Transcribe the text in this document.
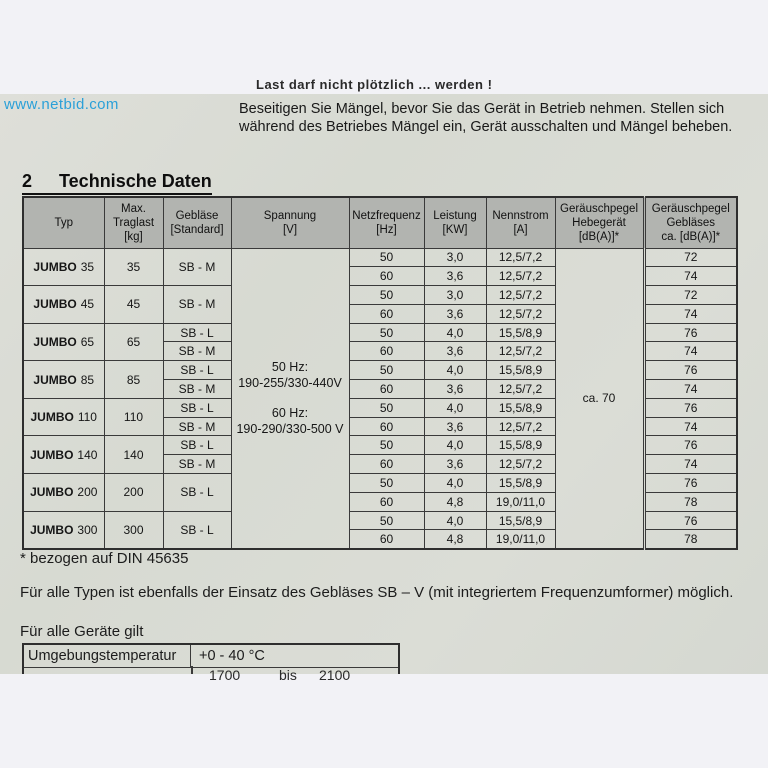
www.netbid.com
Last darf nicht plötzlich ... werden !
Beseitigen Sie Mängel, bevor Sie das Gerät in Betrieb nehmen. Stellen sich
während des Betriebes Mängel ein, Gerät ausschalten und Mängel beheben.
2 Technische Daten
Typ	Max.
Traglast
[kg]	Gebläse
[Standard]	Spannung
[V]	Netzfrequenz
[Hz]	Leistung
[KW]	Nennstrom
[A]	Geräuschpegel
Hebegerät
[dB(A)]*	Geräuschpegel
Gebläses
ca. [dB(A)]*

JUMBO 35	35	SB - M	50 Hz:
190-255/330-440V
60 Hz:
190-290/330-500 V	50	3,0	12,5/7,2	ca. 70	72
				60	3,6	12,5/7,2		74
JUMBO 45	45	SB - M		50	3,0	12,5/7,2		72
				60	3,6	12,5/7,2		74
JUMBO 65	65	SB - L		50	4,0	15,5/8,9		76
		SB - M		60	3,6	12,5/7,2		74
JUMBO 85	85	SB - L		50	4,0	15,5/8,9		76
		SB - M		60	3,6	12,5/7,2		74
JUMBO 110	110	SB - L		50	4,0	15,5/8,9		76
		SB - M		60	3,6	12,5/7,2		74
JUMBO 140	140	SB - L		50	4,0	15,5/8,9		76
		SB - M		60	3,6	12,5/7,2		74
JUMBO 200	200	SB - L		50	4,0	15,5/8,9		76
				60	4,8	19,0/11,0		78
JUMBO 300	300	SB - L		50	4,0	15,5/8,9		76
				60	4,8	19,0/11,0		78
* bezogen auf DIN 45635
Für alle Typen ist ebenfalls der Einsatz des Gebläses SB – V (mit integriertem Frequenzumformer) möglich.
Für alle Geräte gilt
Umgebungstemperatur	+0 - 40 °C
1700	bis 2100
